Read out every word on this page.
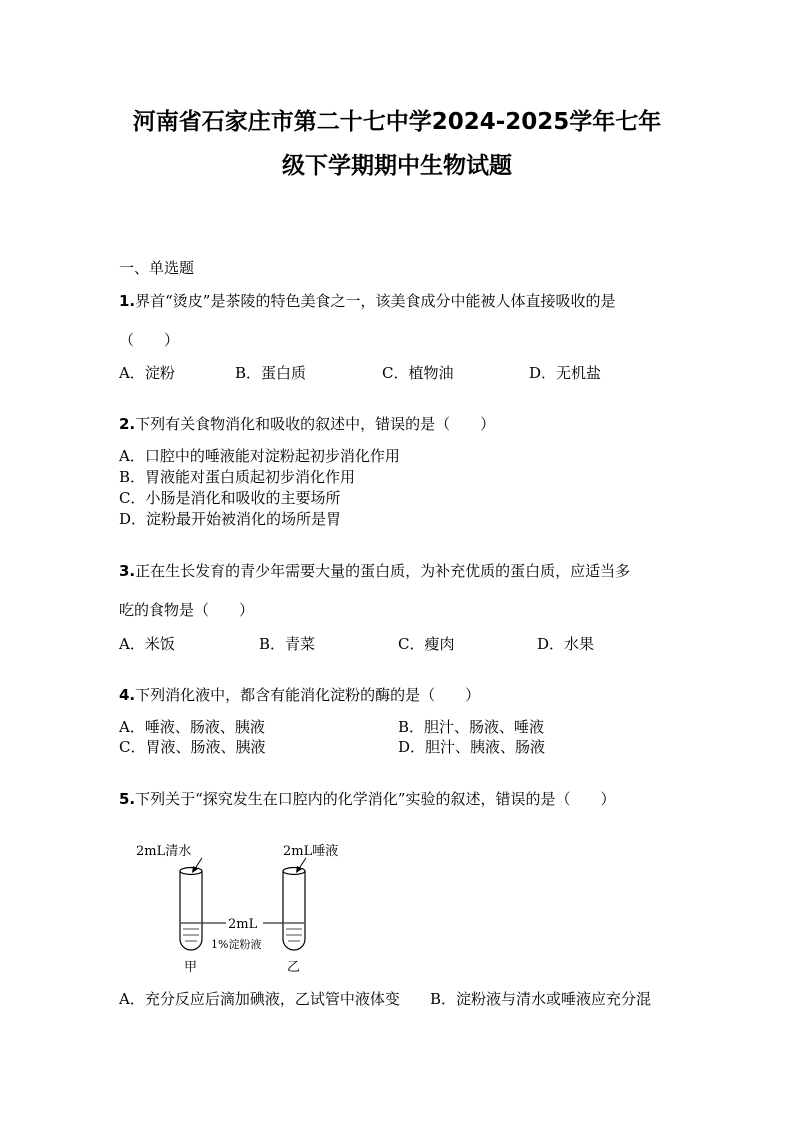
河南省石家庄市第二十七中学2024-2025学年七年
级下学期期中生物试题
一、单选题
1.界首“烫皮”是茶陵的特色美食之一，该美食成分中能被人体直接吸收的是
（　　）
A．淀粉	B．蛋白质	C．植物油	D．无机盐
2.下列有关食物消化和吸收的叙述中，错误的是（　　）
A．口腔中的唾液能对淀粉起初步消化作用
B．胃液能对蛋白质起初步消化作用
C．小肠是消化和吸收的主要场所
D．淀粉最开始被消化的场所是胃
3.正在生长发育的青少年需要大量的蛋白质，为补充优质的蛋白质，应适当多
吃的食物是（　　）
A．米饭	B．青菜	C．瘦肉	D．水果
4.下列消化液中，都含有能消化淀粉的酶的是（　　）
A．唾液、肠液、胰液	B．胆汁、肠液、唾液
C．胃液、肠液、胰液	D．胆汁、胰液、肠液
5.下列关于“探究发生在口腔内的化学消化”实验的叙述，错误的是（　　）
2mL清水	2mL唾液
2mL
1%淀粉液
甲	乙
A．充分反应后滴加碘液，乙试管中液体变 B．淀粉液与清水或唾液应充分混
